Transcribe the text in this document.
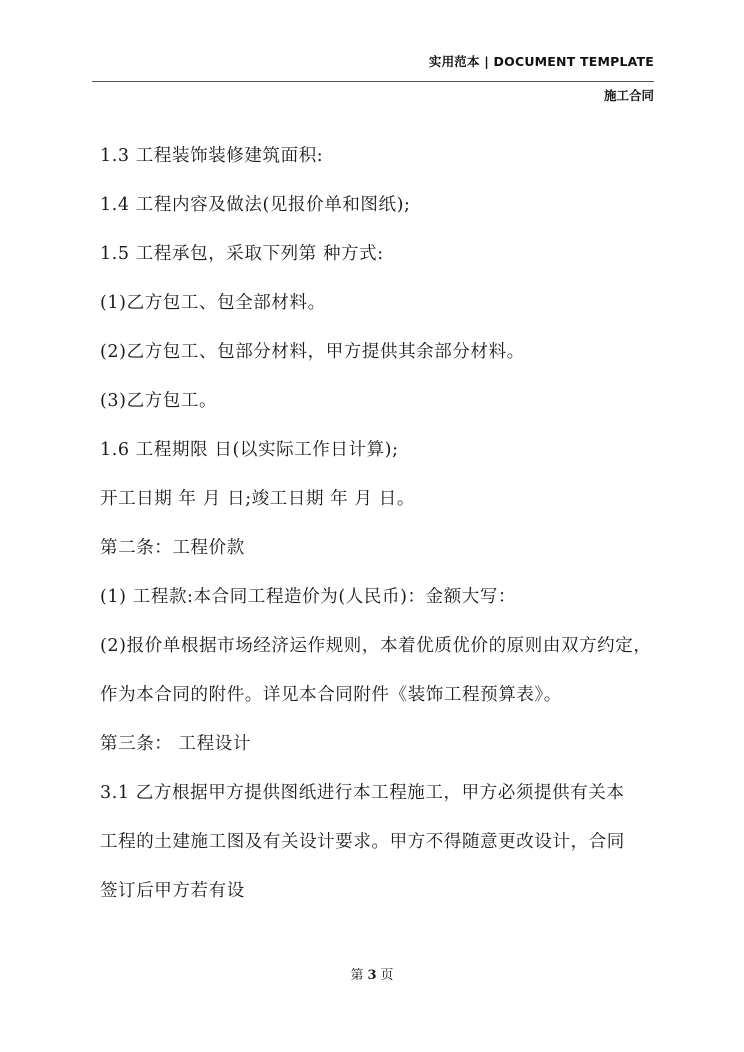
实用范本 | DOCUMENT TEMPLATE
施工合同
1.3 工程装饰装修建筑面积:
1.4 工程内容及做法(见报价单和图纸);
1.5 工程承包，采取下列第 种方式:
(1)乙方包工、包全部材料。
(2)乙方包工、包部分材料，甲方提供其余部分材料。
(3)乙方包工。
1.6 工程期限 日(以实际工作日计算);
开工日期 年 月 日;竣工日期 年 月 日。
第二条：工程价款
(1) 工程款:本合同工程造价为(人民币)：金额大写：
(2)报价单根据市场经济运作规则，本着优质优价的原则由双方约定，
作为本合同的附件。详见本合同附件《装饰工程预算表》。
第三条： 工程设计
3.1 乙方根据甲方提供图纸进行本工程施工，甲方必须提供有关本
工程的土建施工图及有关设计要求。甲方不得随意更改设计，合同
签订后甲方若有设
第 3 页
